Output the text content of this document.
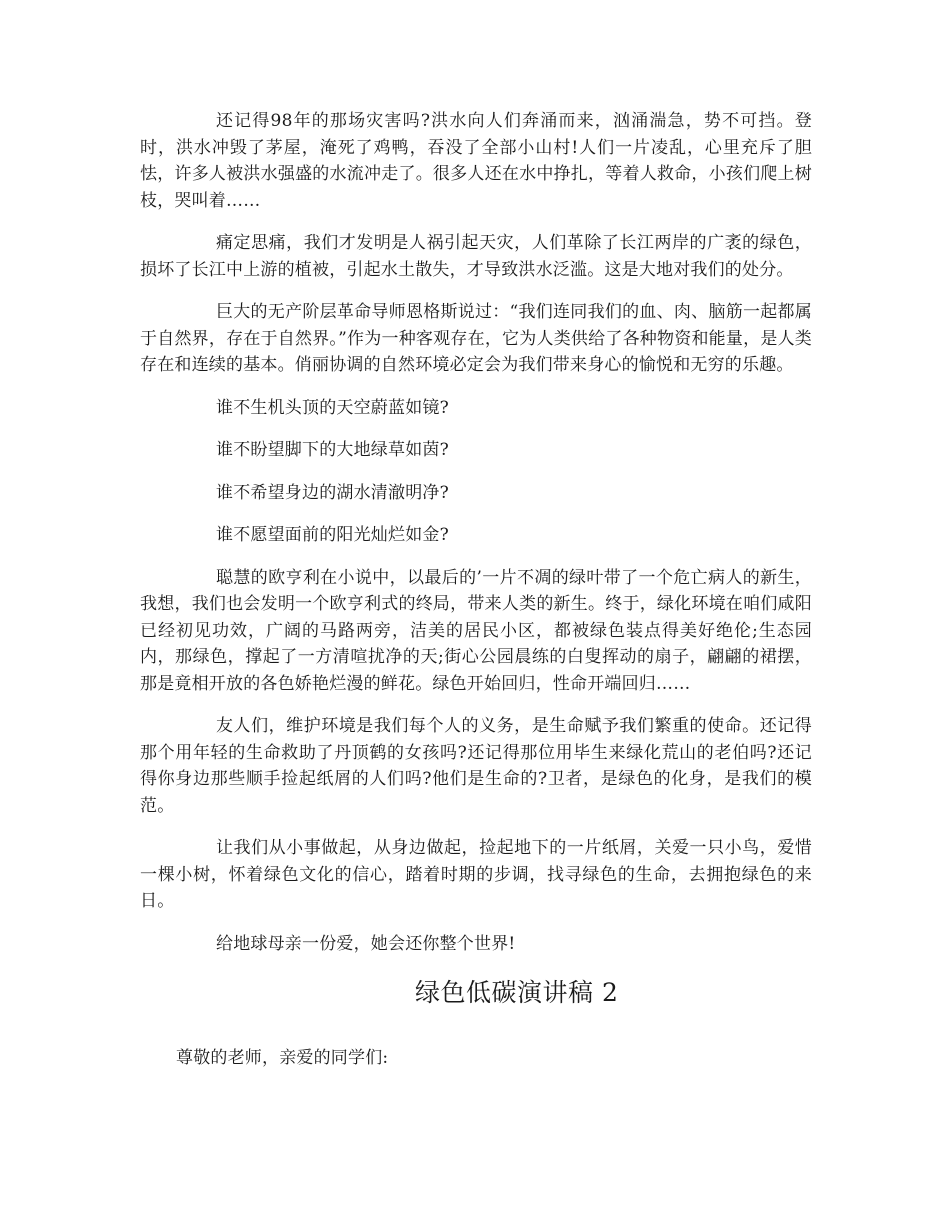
还记得98年的那场灾害吗?洪水向人们奔涌而来，汹涌湍急，势不可挡。登时，洪水冲毁了茅屋，淹死了鸡鸭，吞没了全部小山村!人们一片凌乱，心里充斥了胆怯，许多人被洪水强盛的水流冲走了。很多人还在水中挣扎，等着人救命，小孩们爬上树枝，哭叫着……

痛定思痛，我们才发明是人祸引起天灾，人们革除了长江两岸的广袤的绿色，损坏了长江中上游的植被，引起水土散失，才导致洪水泛滥。这是大地对我们的处分。

巨大的无产阶层革命导师恩格斯说过：“我们连同我们的血、肉、脑筋一起都属于自然界，存在于自然界。”作为一种客观存在，它为人类供给了各种物资和能量，是人类存在和连续的基本。俏丽协调的自然环境必定会为我们带来身心的愉悦和无穷的乐趣。

谁不生机头顶的天空蔚蓝如镜?

谁不盼望脚下的大地绿草如茵?

谁不希望身边的湖水清澈明净?

谁不愿望面前的阳光灿烂如金?

聪慧的欧亨利在小说中，以最后的’一片不凋的绿叶带了一个危亡病人的新生，我想，我们也会发明一个欧亨利式的终局，带来人类的新生。终于，绿化环境在咱们咸阳已经初见功效，广阔的马路两旁，洁美的居民小区，都被绿色装点得美好绝伦;生态园内，那绿色，撑起了一方清喧扰净的天;街心公园晨练的白叟挥动的扇子，翩翩的裙摆，那是竟相开放的各色娇艳烂漫的鲜花。绿色开始回归，性命开端回归……

友人们，维护环境是我们每个人的义务，是生命赋予我们繁重的使命。还记得那个用年轻的生命救助了丹顶鹤的女孩吗?还记得那位用毕生来绿化荒山的老伯吗?还记得你身边那些顺手捡起纸屑的人们吗?他们是生命的?卫者，是绿色的化身，是我们的模范。

让我们从小事做起，从身边做起，捡起地下的一片纸屑，关爱一只小鸟，爱惜一棵小树，怀着绿色文化的信心，踏着时期的步调，找寻绿色的生命，去拥抱绿色的来日。

给地球母亲一份爱，她会还你整个世界!

绿色低碳演讲稿 2

尊敬的老师，亲爱的同学们:
